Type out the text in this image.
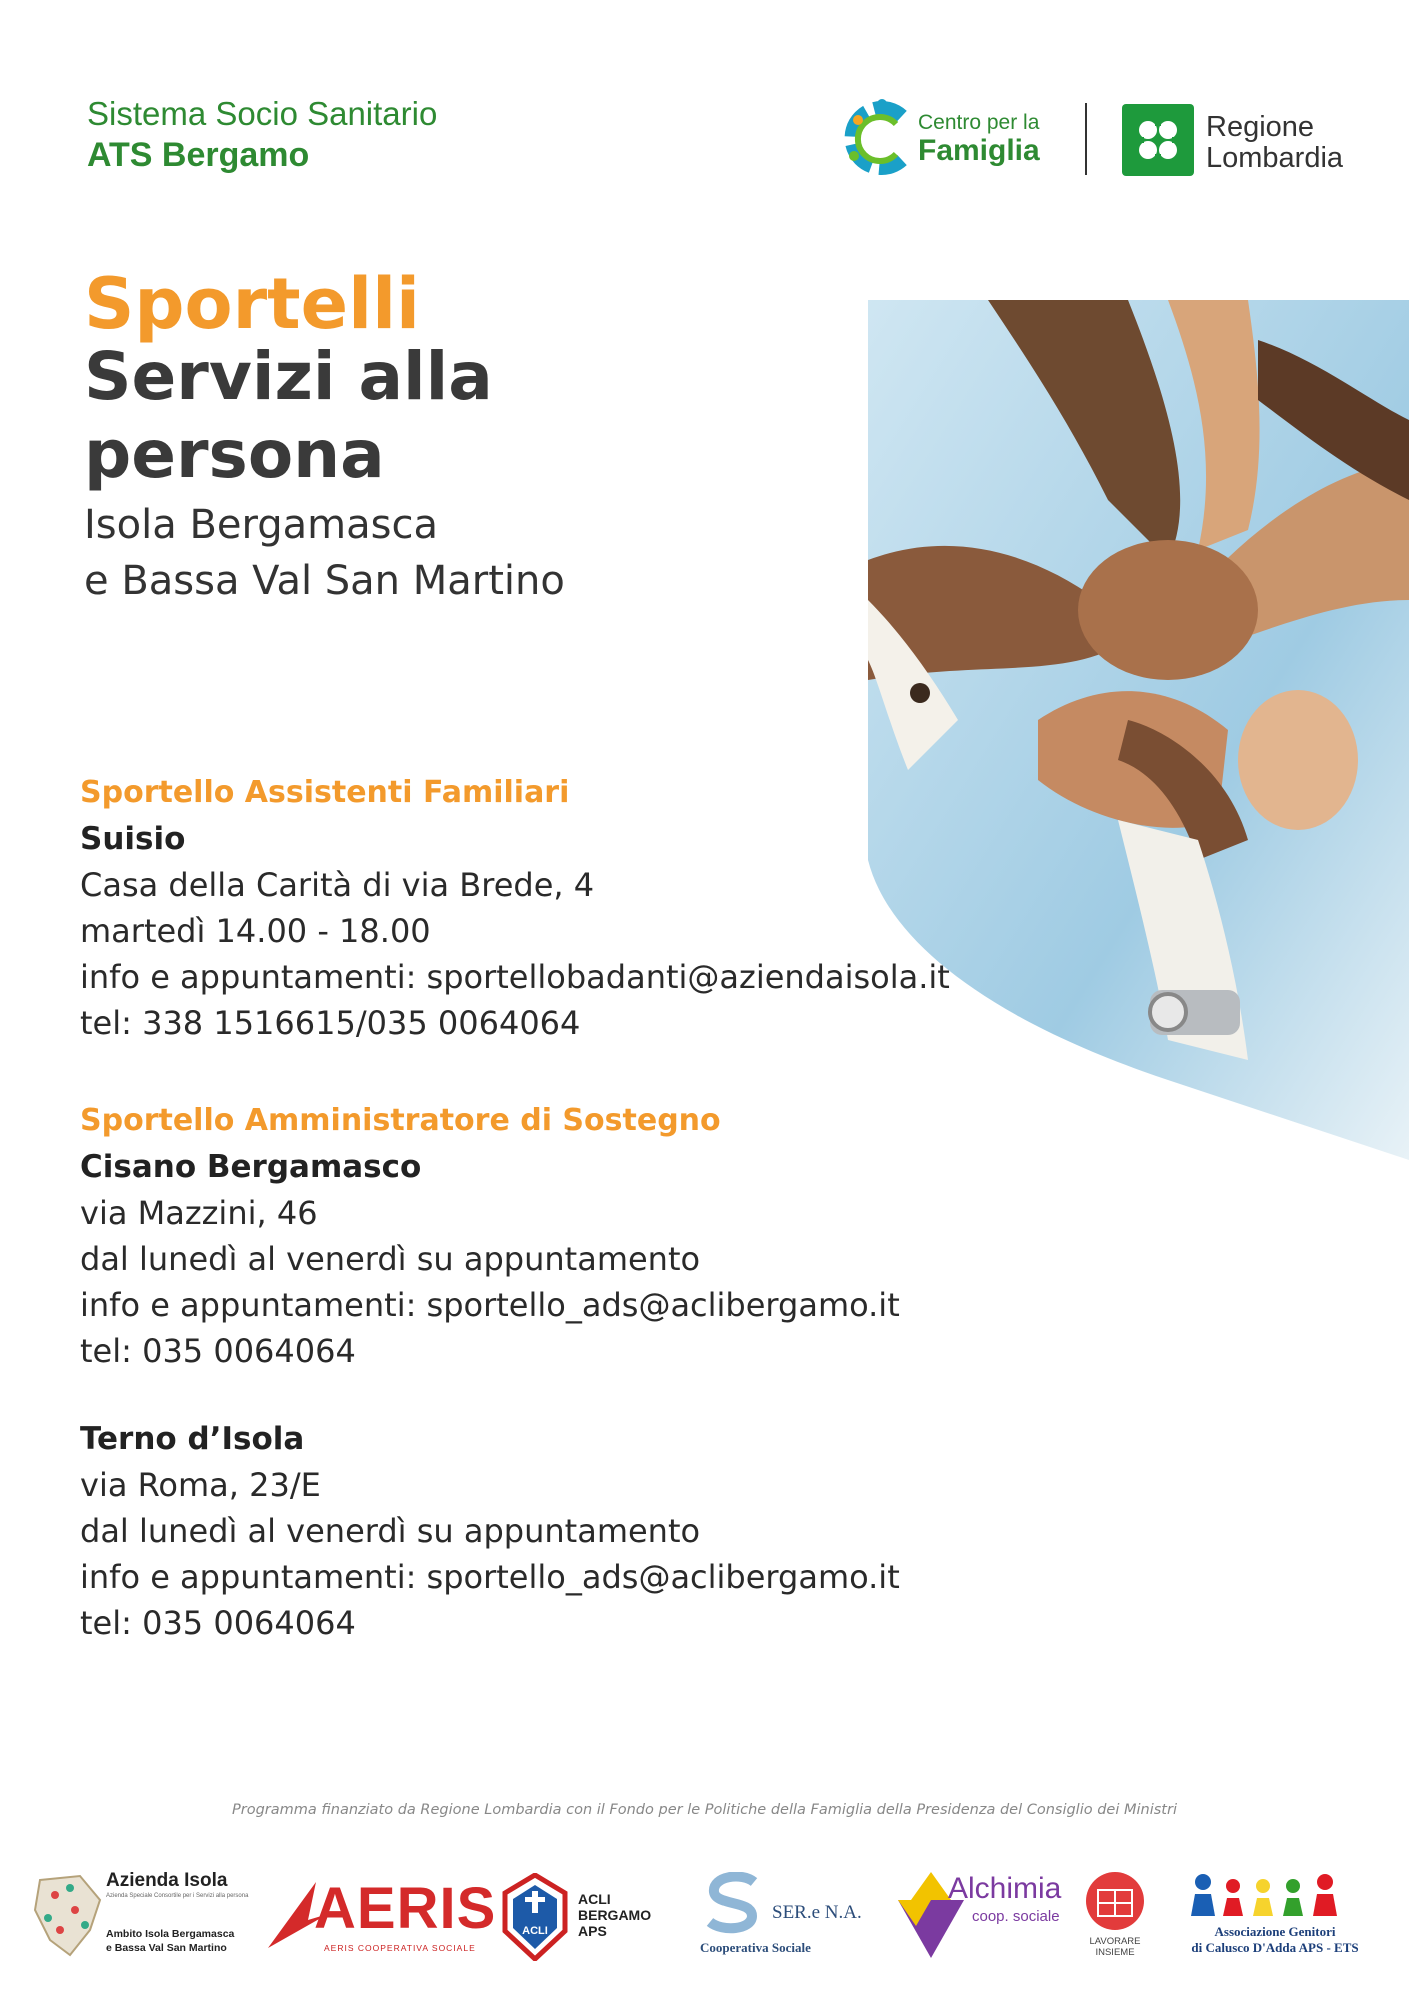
Sistema Socio Sanitario
ATS Bergamo
Centro per la
Famiglia
Regione
Lombardia
Sportelli
Servizi alla persona
Isola Bergamasca
e Bassa Val San Martino
Sportello Assistenti Familiari
Suisio
Casa della Carità di via Brede, 4
martedì 14.00 - 18.00
info e appuntamenti: sportellobadanti@aziendaisola.it
tel: 338 1516615/035 0064064
Sportello Amministratore di Sostegno
Cisano Bergamasco
via Mazzini, 46
dal lunedì al venerdì su appuntamento
info e appuntamenti: sportello_ads@aclibergamo.it
tel: 035 0064064
Terno d’Isola
via Roma, 23/E
dal lunedì al venerdì su appuntamento
info e appuntamenti: sportello_ads@aclibergamo.it
tel: 035 0064064
Programma finanziato da Regione Lombardia con il Fondo per le Politiche della Famiglia della Presidenza del Consiglio dei Ministri
Azienda Isola
Azienda Speciale Consortile per i Servizi alla persona
Ambito Isola Bergamasca
e Bassa Val San Martino
AERIS
AERIS COOPERATIVA SOCIALE
ACLI
ACLI
BERGAMO
APS
SER.e N.A.
Cooperativa Sociale
Alchimia
coop. sociale
LAVORARE
INSIEME
Associazione Genitori
di Calusco D'Adda APS - ETS
